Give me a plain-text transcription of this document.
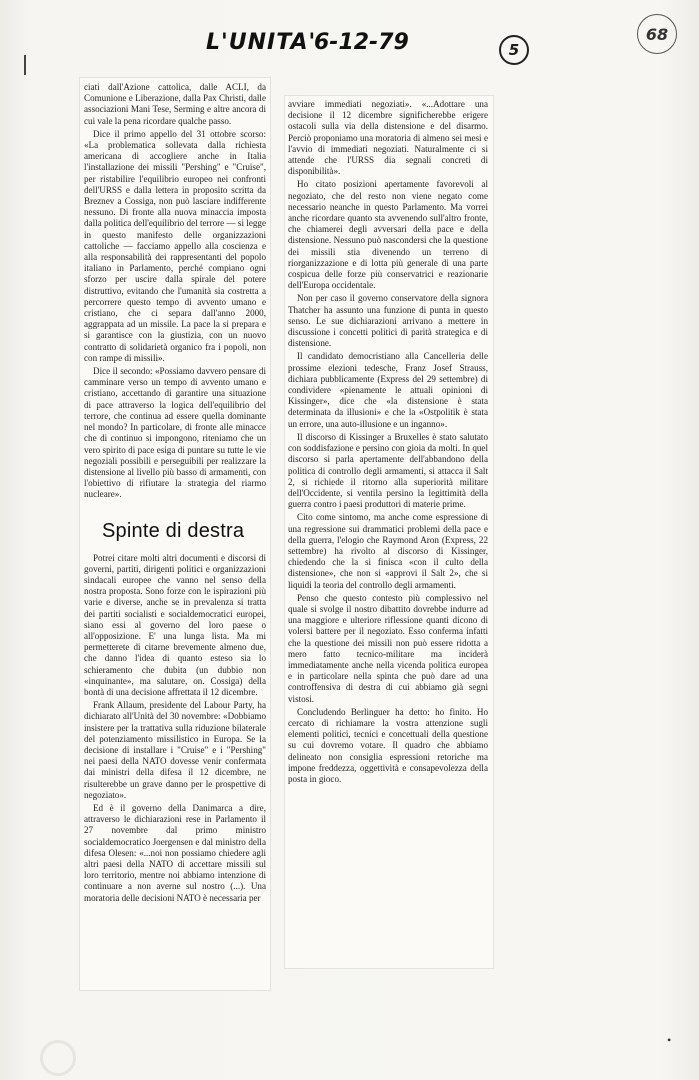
L'UNITA'
6-12-79	5
68

ciati dall'Azione cattolica, dalle ACLI, da Comunione e Liberazione, dalla Pax Christi, dalle associazioni Mani Tese, Serming e altre ancora di cui vale la pena ricordare qualche passo.

Dice il primo appello del 31 ottobre scorso: «La problematica sollevata dalla richiesta americana di accogliere anche in Italia l'installazione dei missili "Pershing" e "Cruise", per ristabilire l'equilibrio europeo nei confronti dell'URSS e dalla lettera in proposito scritta da Breznev a Cossiga, non può lasciare indifferente nessuno. Di fronte alla nuova minaccia imposta dalla politica dell'equilibrio del terrore — si legge in questo manifesto delle organizzazioni cattoliche — facciamo appello alla coscienza e alla responsabilità dei rappresentanti del popolo italiano in Parlamento, perché compiano ogni sforzo per uscire dalla spirale del potere distruttivo, evitando che l'umanità sia costretta a percorrere questo tempo di avvento umano e cristiano, che ci separa dall'anno 2000, aggrappata ad un missile. La pace la si prepara e si garantisce con la giustizia, con un nuovo contratto di solidarietà organico fra i popoli, non con rampe di missili».

Dice il secondo: «Possiamo davvero pensare di camminare verso un tempo di avvento umano e cristiano, accettando di garantire una situazione di pace attraverso la logica dell'equilibrio del terrore, che continua ad essere quella dominante nel mondo? In particolare, di fronte alle minacce che di continuo si impongono, riteniamo che un vero spirito di pace esiga di puntare su tutte le vie negoziali possibili e perseguibili per realizzare la distensione al livello più basso di armamenti, con l'obiettivo di rifiutare la strategia del riarmo nucleare».

Spinte di destra

Potrei citare molti altri documenti e discorsi di governi, partiti, dirigenti politici e organizzazioni sindacali europee che vanno nel senso della nostra proposta. Sono forze con le ispirazioni più varie e diverse, anche se in prevalenza si tratta dei partiti socialisti e socialdemocratici europei, siano essi al governo del loro paese o all'opposizione. E' una lunga lista. Ma mi permetterete di citarne brevemente almeno due, che danno l'idea di quanto esteso sia lo schieramento che dubita (un dubbio non «inquinante», ma salutare, on. Cossiga) della bontà di una decisione affrettata il 12 dicembre.

Frank Allaum, presidente del Labour Party, ha dichiarato all'Unità del 30 novembre: «Dobbiamo insistere per la trattativa sulla riduzione bilaterale del potenziamento missilistico in Europa. Se la decisione di installare i "Cruise" e i "Pershing" nei paesi della NATO dovesse venir confermata dai ministri della difesa il 12 dicembre, ne risulterebbe un grave danno per le prospettive di negoziato».

Ed è il governo della Danimarca a dire, attraverso le dichiarazioni rese in Parlamento il 27 novembre dal primo ministro socialdemocratico Joergensen e dal ministro della difesa Olesen: «...noi non possiamo chiedere agli altri paesi della NATO di accettare missili sul loro territorio, mentre noi abbiamo intenzione di continuare a non averne sul nostro (...). Una moratoria delle decisioni NATO è necessaria per

avviare immediati negoziati». «...Adottare una decisione il 12 dicembre significherebbe erigere ostacoli sulla via della distensione e del disarmo. Perciò proponiamo una moratoria di almeno sei mesi e l'avvio di immediati negoziati. Naturalmente ci si attende che l'URSS dia segnali concreti di disponibilità».

Ho citato posizioni apertamente favorevoli al negoziato, che del resto non viene negato come necessario neanche in questo Parlamento. Ma vorrei anche ricordare quanto sta avvenendo sull'altro fronte, che chiamerei degli avversari della pace e della distensione. Nessuno può nascondersi che la questione dei missili stia divenendo un terreno di riorganizzazione e di lotta più generale di una parte cospicua delle forze più conservatrici e reazionarie dell'Europa occidentale.

Non per caso il governo conservatore della signora Thatcher ha assunto una funzione di punta in questo senso. Le sue dichiarazioni arrivano a mettere in discussione i concetti politici di parità strategica e di distensione.

Il candidato democristiano alla Cancelleria delle prossime elezioni tedesche, Franz Josef Strauss, dichiara pubblicamente (Express del 29 settembre) di condividere «pienamente le attuali opinioni di Kissinger», dice che «la distensione è stata determinata da illusioni» e che la «Ostpolitik è stata un errore, una auto-illusione e un inganno».

Il discorso di Kissinger a Bruxelles è stato salutato con soddisfazione e persino con gioia da molti. In quel discorso si parla apertamente dell'abbandono della politica di controllo degli armamenti, si attacca il Salt 2, si richiede il ritorno alla superiorità militare dell'Occidente, si ventila persino la legittimità della guerra contro i paesi produttori di materie prime.

Cito come sintomo, ma anche come espressione di una regressione sui drammatici problemi della pace e della guerra, l'elogio che Raymond Aron (Express, 22 settembre) ha rivolto al discorso di Kissinger, chiedendo che la si finisca «con il culto della distensione», che non si «approvi il Salt 2», che si liquidi la teoria del controllo degli armamenti.

Penso che questo contesto più complessivo nel quale si svolge il nostro dibattito dovrebbe indurre ad una maggiore e ulteriore riflessione quanti dicono di volersi battere per il negoziato. Esso conferma infatti che la questione dei missili non può essere ridotta a mero fatto tecnico-militare ma inciderà immediatamente anche nella vicenda politica europea e in particolare nella spinta che può dare ad una controffensiva di destra di cui abbiamo già segni vistosi.

Concludendo Berlinguer ha detto: ho finito. Ho cercato di richiamare la vostra attenzione sugli elementi politici, tecnici e concettuali della questione su cui dovremo votare. Il quadro che abbiamo delineato non consiglia espressioni retoriche ma impone freddezza, oggettività e consapevolezza della posta in gioco.

•
